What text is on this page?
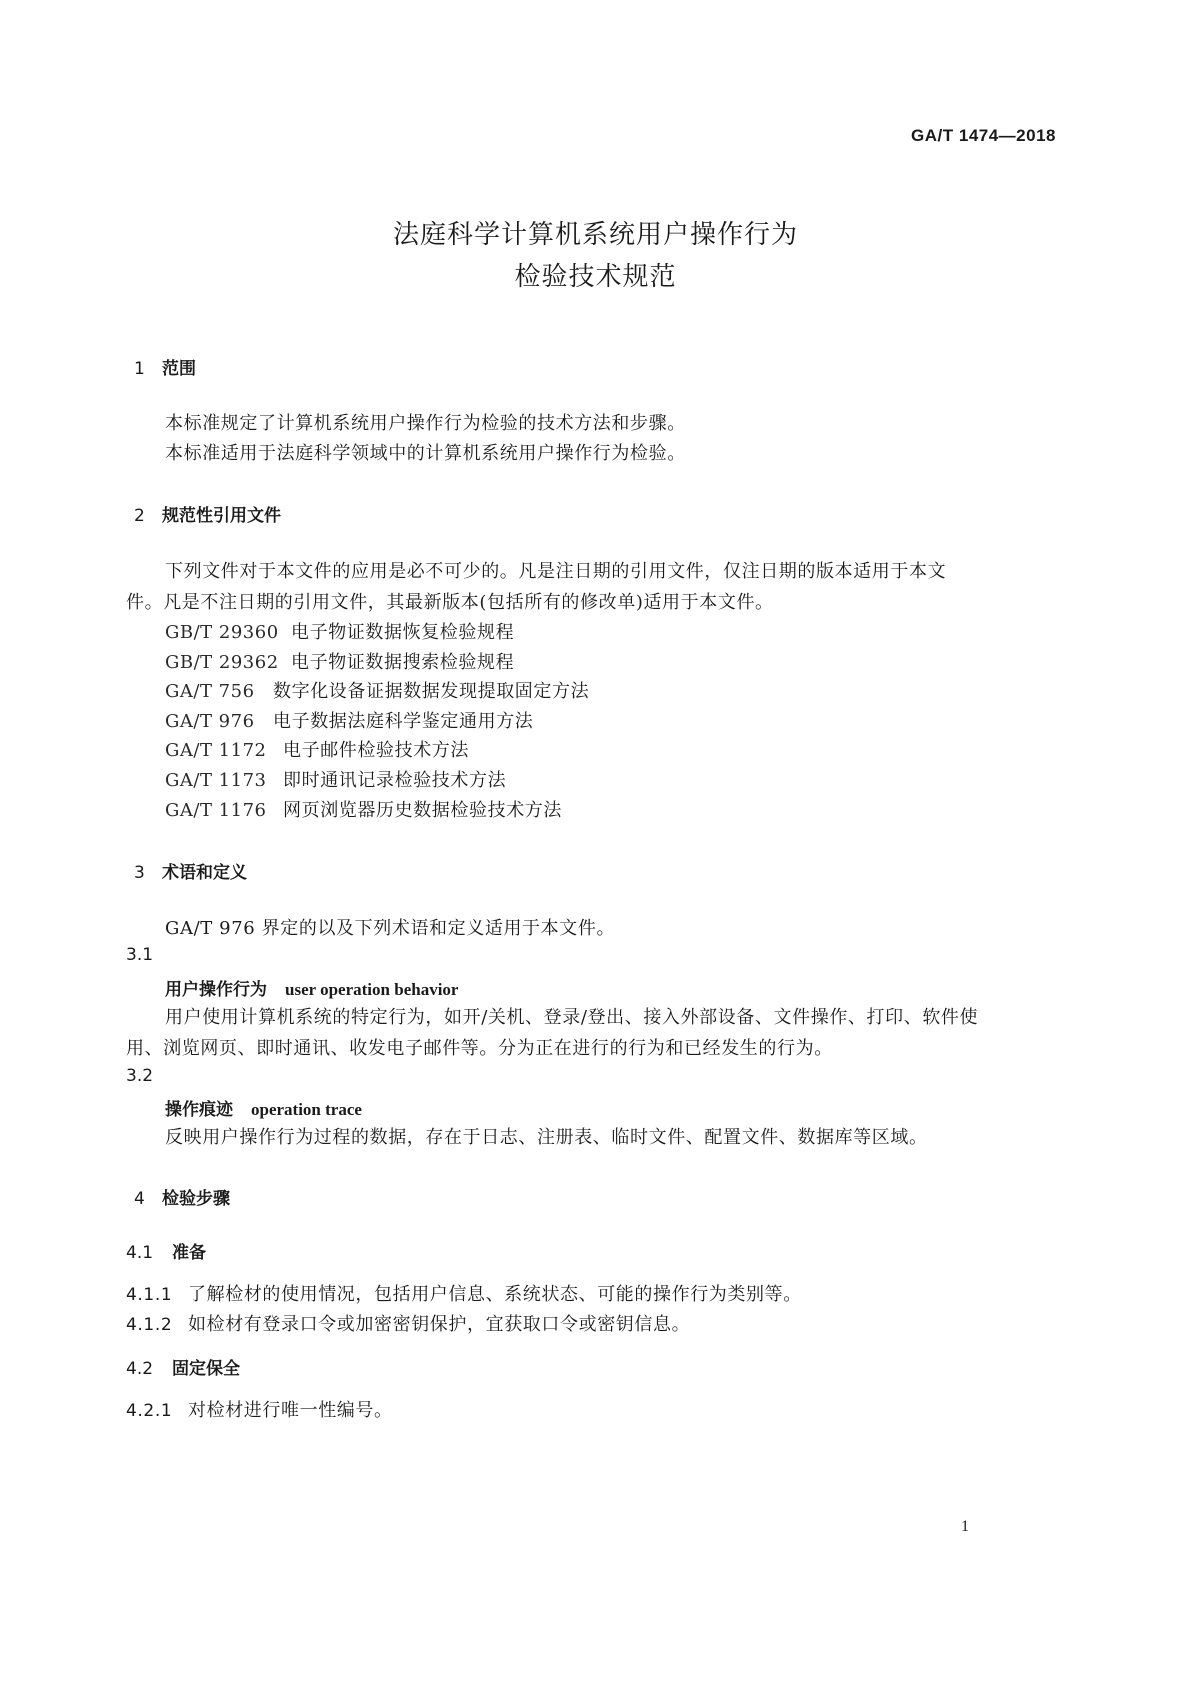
GA/T 1474—2018
法庭科学计算机系统用户操作行为
检验技术规范
1 范围
本标准规定了计算机系统用户操作行为检验的技术方法和步骤。
本标准适用于法庭科学领域中的计算机系统用户操作行为检验。
2 规范性引用文件
下列文件对于本文件的应用是必不可少的。凡是注日期的引用文件，仅注日期的版本适用于本文
件。凡是不注日期的引用文件，其最新版本(包括所有的修改单)适用于本文件。
GB/T 29360 电子物证数据恢复检验规程
GB/T 29362 电子物证数据搜索检验规程
GA/T 756 数字化设备证据数据发现提取固定方法
GA/T 976 电子数据法庭科学鉴定通用方法
GA/T 1172 电子邮件检验技术方法
GA/T 1173 即时通讯记录检验技术方法
GA/T 1176 网页浏览器历史数据检验技术方法
3 术语和定义
GA/T 976 界定的以及下列术语和定义适用于本文件。
3.1
用户操作行为 user operation behavior
用户使用计算机系统的特定行为，如开/关机、登录/登出、接入外部设备、文件操作、打印、软件使
用、浏览网页、即时通讯、收发电子邮件等。分为正在进行的行为和已经发生的行为。
3.2
操作痕迹 operation trace
反映用户操作行为过程的数据，存在于日志、注册表、临时文件、配置文件、数据库等区域。
4 检验步骤
4.1 准备
4.1.1 了解检材的使用情况，包括用户信息、系统状态、可能的操作行为类别等。
4.1.2 如检材有登录口令或加密密钥保护，宜获取口令或密钥信息。
4.2 固定保全
4.2.1 对检材进行唯一性编号。
1
